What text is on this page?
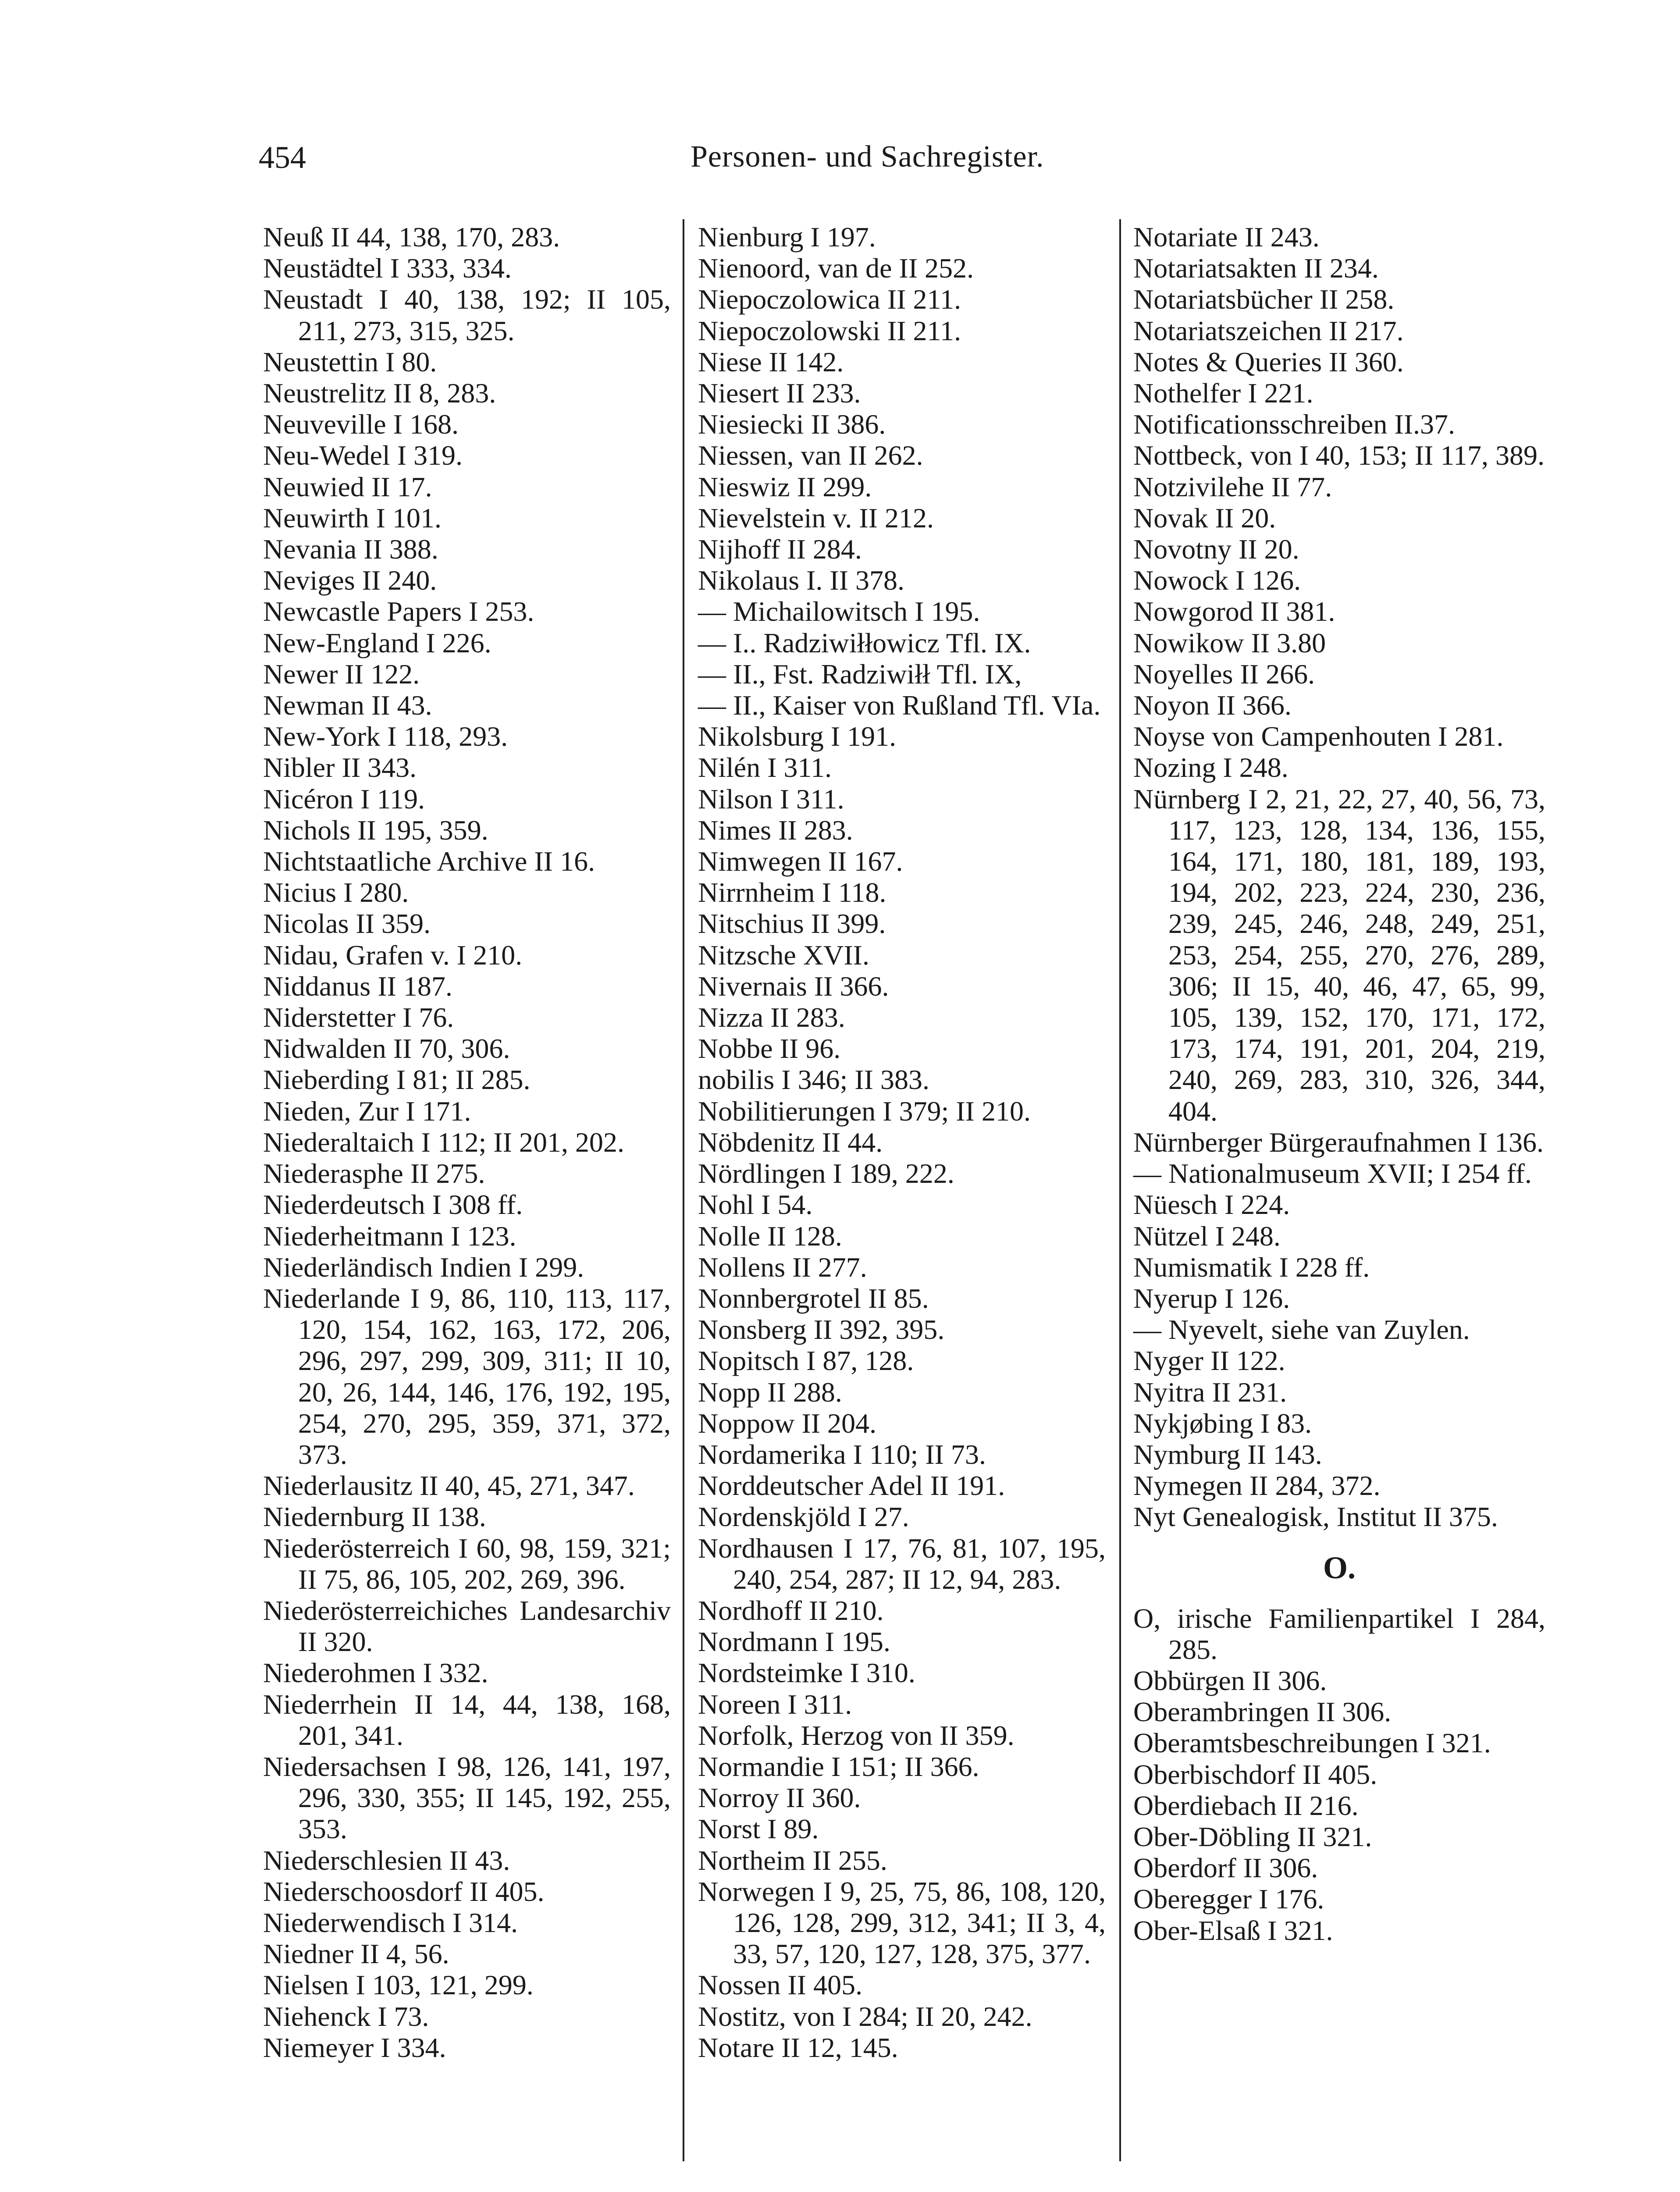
454	Personen- und Sachregister.
Neuß II 44, 138, 170, 283.
Neustädtel I 333, 334.
Neustadt I 40, 138, 192; II 105, 211, 273, 315, 325.
Neustettin I 80.
Neustrelitz II 8, 283.
Neuveville I 168.
Neu-Wedel I 319.
Neuwied II 17.
Neuwirth I 101.
Nevania II 388.
Neviges II 240.
Newcastle Papers I 253.
New-England I 226.
Newer II 122.
Newman II 43.
New-York I 118, 293.
Nibler II 343.
Nicéron I 119.
Nichols II 195, 359.
Nichtstaatliche Archive II 16.
Nicius I 280.
Nicolas II 359.
Nidau, Grafen v. I 210.
Niddanus II 187.
Niderstetter I 76.
Nidwalden II 70, 306.
Nieberding I 81; II 285.
Nieden, Zur I 171.
Niederaltaich I 112; II 201, 202.
Niederasphe II 275.
Niederdeutsch I 308 ff.
Niederheitmann I 123.
Niederländisch Indien I 299.
Niederlande I 9, 86, 110, 113, 117, 120, 154, 162, 163, 172, 206, 296, 297, 299, 309, 311; II 10, 20, 26, 144, 146, 176, 192, 195, 254, 270, 295, 359, 371, 372, 373.
Niederlausitz II 40, 45, 271, 347.
Niedernburg II 138.
Niederösterreich I 60, 98, 159, 321; II 75, 86, 105, 202, 269, 396.
Niederösterreichiches Landesarchiv II 320.
Niederohmen I 332.
Niederrhein II 14, 44, 138, 168, 201, 341.
Niedersachsen I 98, 126, 141, 197, 296, 330, 355; II 145, 192, 255, 353.
Niederschlesien II 43.
Niederschoosdorf II 405.
Niederwendisch I 314.
Niedner II 4, 56.
Nielsen I 103, 121, 299.
Niehenck I 73.
Niemeyer I 334.
Nienburg I 197.
Nienoord, van de II 252.
Niepoczolowica II 211.
Niepoczolowski II 211.
Niese II 142.
Niesert II 233.
Niesiecki II 386.
Niessen, van II 262.
Nieswiz II 299.
Nievelstein v. II 212.
Nijhoff II 284.
Nikolaus I. II 378.
— Michailowitsch I 195.
— I.. Radziwiłłowicz Tfl. IX.
— II., Fst. Radziwiłł Tfl. IX,
— II., Kaiser von Rußland Tfl. VIa.
Nikolsburg I 191.
Nilén I 311.
Nilson I 311.
Nimes II 283.
Nimwegen II 167.
Nirrnheim I 118.
Nitschius II 399.
Nitzsche XVII.
Nivernais II 366.
Nizza II 283.
Nobbe II 96.
nobilis I 346; II 383.
Nobilitierungen I 379; II 210.
Nöbdenitz II 44.
Nördlingen I 189, 222.
Nohl I 54.
Nolle II 128.
Nollens II 277.
Nonnbergrotel II 85.
Nonsberg II 392, 395.
Nopitsch I 87, 128.
Nopp II 288.
Noppow II 204.
Nordamerika I 110; II 73.
Norddeutscher Adel II 191.
Nordenskjöld I 27.
Nordhausen I 17, 76, 81, 107, 195, 240, 254, 287; II 12, 94, 283.
Nordhoff II 210.
Nordmann I 195.
Nordsteimke I 310.
Noreen I 311.
Norfolk, Herzog von II 359.
Normandie I 151; II 366.
Norroy II 360.
Norst I 89.
Northeim II 255.
Norwegen I 9, 25, 75, 86, 108, 120, 126, 128, 299, 312, 341; II 3, 4, 33, 57, 120, 127, 128, 375, 377.
Nossen II 405.
Nostitz, von I 284; II 20, 242.
Notare II 12, 145.
Notariate II 243.
Notariatsakten II 234.
Notariatsbücher II 258.
Notariatszeichen II 217.
Notes & Queries II 360.
Nothelfer I 221.
Notificationsschreiben II.37.
Nottbeck, von I 40, 153; II 117, 389.
Notzivilehe II 77.
Novak II 20.
Novotny II 20.
Nowock I 126.
Nowgorod II 381.
Nowikow II 3.80
Noyelles II 266.
Noyon II 366.
Noyse von Campenhouten I 281.
Nozing I 248.
Nürnberg I 2, 21, 22, 27, 40, 56, 73, 117, 123, 128, 134, 136, 155, 164, 171, 180, 181, 189, 193, 194, 202, 223, 224, 230, 236, 239, 245, 246, 248, 249, 251, 253, 254, 255, 270, 276, 289, 306; II 15, 40, 46, 47, 65, 99, 105, 139, 152, 170, 171, 172, 173, 174, 191, 201, 204, 219, 240, 269, 283, 310, 326, 344, 404.
Nürnberger Bürgeraufnahmen I 136.
— Nationalmuseum XVII; I 254 ff.
Nüesch I 224.
Nützel I 248.
Numismatik I 228 ff.
Nyerup I 126.
— Nyevelt, siehe van Zuylen.
Nyger II 122.
Nyitra II 231.
Nykjøbing I 83.
Nymburg II 143.
Nymegen II 284, 372.
Nyt Genealogisk, Institut II 375.
O.
O, irische Familienpartikel I 284, 285.
Obbürgen II 306.
Oberambringen II 306.
Oberamtsbeschreibungen I 321.
Oberbischdorf II 405.
Oberdiebach II 216.
Ober-Döbling II 321.
Oberdorf II 306.
Oberegger I 176.
Ober-Elsaß I 321.
